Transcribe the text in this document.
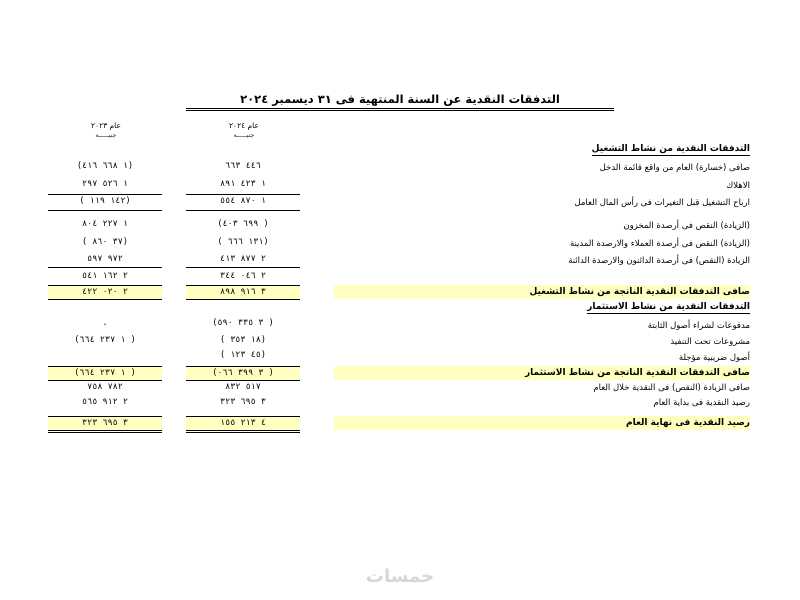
التدفقات النقدية عن السنة المنتهية فى ٣١ ديسمبر ٢٠٢٤
عام ٢٠٢٤
جنيـــــه
عام ٢٠٢٣
جنيـــــه
التدفقات النقدية من نشاط التشغيل
صافى (خسارة) العام من واقع قائمة الدخل
٤٤٦ ٦٦٣
(١ ٦٦٨ ٤١٦)
الاهلاك
١ ٤٢٣ ٨٩١
١ ٥٢٦ ٢٩٧
ارباح التشغيل قبل التغيرات فى رأس المال العامل
١ ٨٧٠ ٥٥٤
( ١٤٢ ١١٩)
(الزيادة) النقص فى أرصدة المخزون
(٦٩٩ ٤٠٣ )
١ ٢٢٧ ٨٠٤
(الزيادة) النقص فى أرصدة العملاء والارصدة المدينة
( ١٣١ ٦٦٦)
( ٣٧ ٨٦٠)
الزيادة (النقص) فى أرصدة الدائنون والارصدة الدائنة
٢ ٨٧٧ ٤١٣
٩٧٢ ٥٩٧
٢ ٠٤٦ ٣٤٤
٢ ١٦٢ ٥٤١
صافى التدفقات النقدية الناتجة من نشاط التشغيل
٣ ٩١٦ ٨٩٨
٢ ٠٢٠ ٤٢٢
التدفقات النقدية من نشاط الاستثمار
مدفوعات لشراء أصول الثابتة
(٣ ٣٣٥ ٥٩٠ )
.
مشروعات تحت التنفيذ
( ١٨ ٣٥٣)
(١ ٢٣٧ ٦٦٤ )
أصول ضريبية مؤجلة
( ٤٥ ١٢٣)
صافى التدفقات النقدية الناتجة من نشاط الاستثمار
(٣ ٣٩٩ ٠٦٦ )
(١ ٢٣٧ ٦٦٤ )
صافى الزيادة (النقص) فى النقدية خلال العام
٥١٧ ٨٣٢
٧٨٢ ٧٥٨
رصيد النقدية فى بداية العام
٣ ٦٩٥ ٣٢٣
٢ ٩١٢ ٥٦٥
رصيد النقدية فى نهاية العام
٤ ٢١٣ ١٥٥
٣ ٦٩٥ ٣٢٣
خمسات
